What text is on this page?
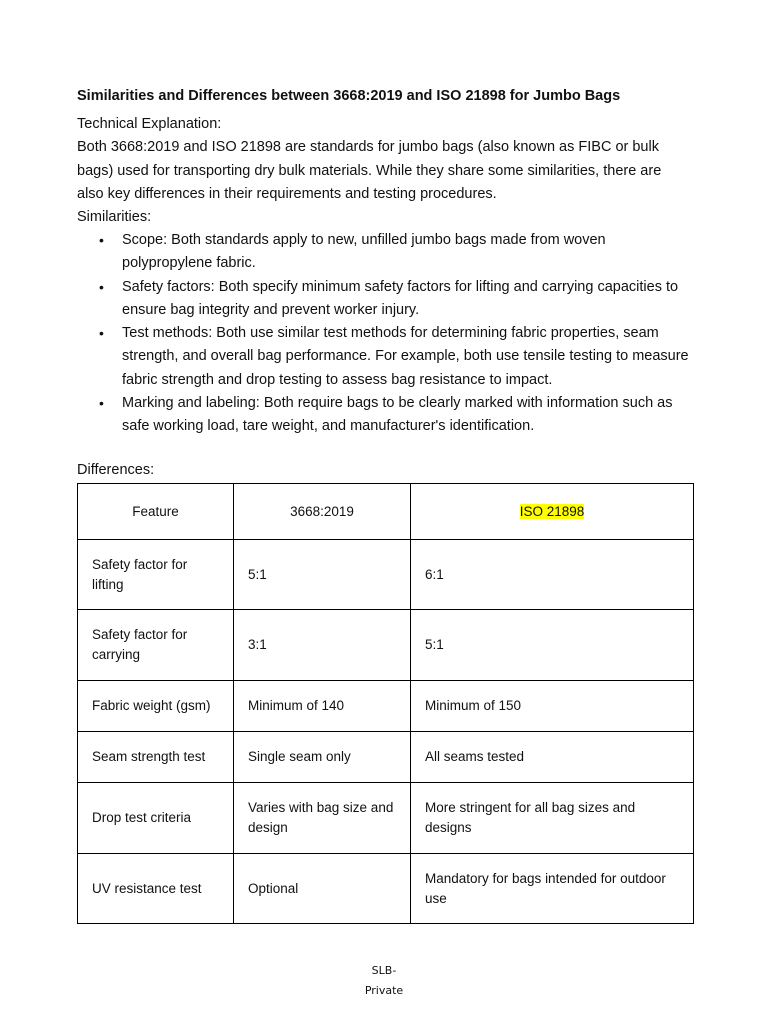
Similarities and Differences between 3668:2019 and ISO 21898 for Jumbo Bags
Technical Explanation:
Both 3668:2019 and ISO 21898 are standards for jumbo bags (also known as FIBC or bulk
bags) used for transporting dry bulk materials. While they share some similarities, there are
also key differences in their requirements and testing procedures.
Similarities:
• Scope: Both standards apply to new, unfilled jumbo bags made from woven polypropylene fabric.
• Safety factors: Both specify minimum safety factors for lifting and carrying capacities to ensure bag integrity and prevent worker injury.
• Test methods: Both use similar test methods for determining fabric properties, seam strength, and overall bag performance. For example, both use tensile testing to measure fabric strength and drop testing to assess bag resistance to impact.
• Marking and labeling: Both require bags to be clearly marked with information such as safe working load, tare weight, and manufacturer's identification.
Differences:
Feature	3668:2019	ISO 21898
Safety factor for lifting	5:1	6:1
Safety factor for carrying	3:1	5:1
Fabric weight (gsm)	Minimum of 140	Minimum of 150
Seam strength test	Single seam only	All seams tested
Drop test criteria	Varies with bag size and design	More stringent for all bag sizes and designs
UV resistance test	Optional	Mandatory for bags intended for outdoor use
SLB-
Private
